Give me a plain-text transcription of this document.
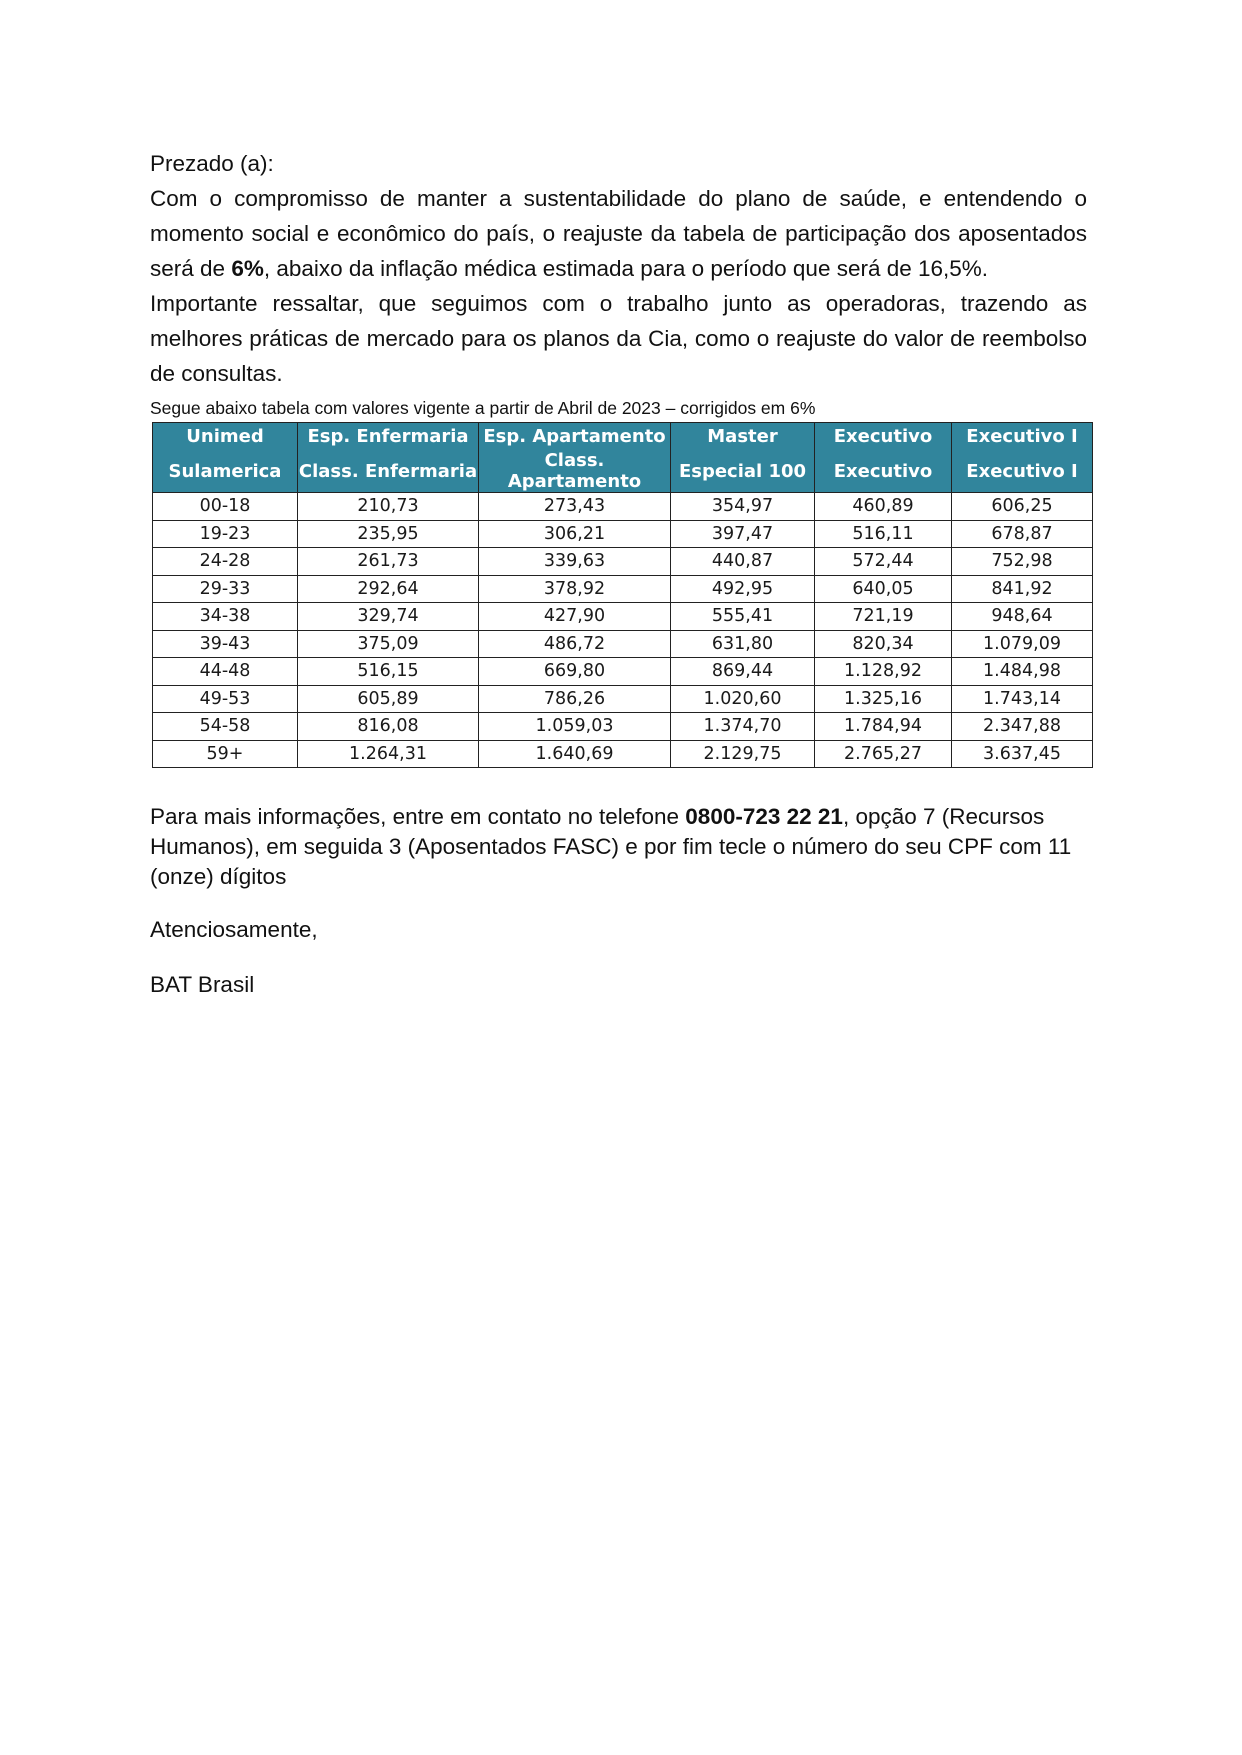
Prezado (a):

Com o compromisso de manter a sustentabilidade do plano de saúde, e entendendo o momento social e econômico do país, o reajuste da tabela de participação dos aposentados será de 6%, abaixo da inflação médica estimada para o período que será de 16,5%.

Importante ressaltar, que seguimos com o trabalho junto as operadoras, trazendo as melhores práticas de mercado para os planos da Cia, como o reajuste do valor de reembolso de consultas.

Segue abaixo tabela com valores vigente a partir de Abril de 2023 – corrigidos em 6%

Unimed	Esp. Enfermaria	Esp. Apartamento	Master	Executivo	Executivo I
Sulamerica	Class. Enfermaria	Class. Apartamento	Especial 100	Executivo	Executivo I
00-18	210,73	273,43	354,97	460,89	606,25
19-23	235,95	306,21	397,47	516,11	678,87
24-28	261,73	339,63	440,87	572,44	752,98
29-33	292,64	378,92	492,95	640,05	841,92
34-38	329,74	427,90	555,41	721,19	948,64
39-43	375,09	486,72	631,80	820,34	1.079,09
44-48	516,15	669,80	869,44	1.128,92	1.484,98
49-53	605,89	786,26	1.020,60	1.325,16	1.743,14
54-58	816,08	1.059,03	1.374,70	1.784,94	2.347,88
59+	1.264,31	1.640,69	2.129,75	2.765,27	3.637,45

Para mais informações, entre em contato no telefone 0800-723 22 21, opção 7 (Recursos Humanos), em seguida 3 (Aposentados FASC) e por fim tecle o número do seu CPF com 11 (onze) dígitos

Atenciosamente,

BAT Brasil
